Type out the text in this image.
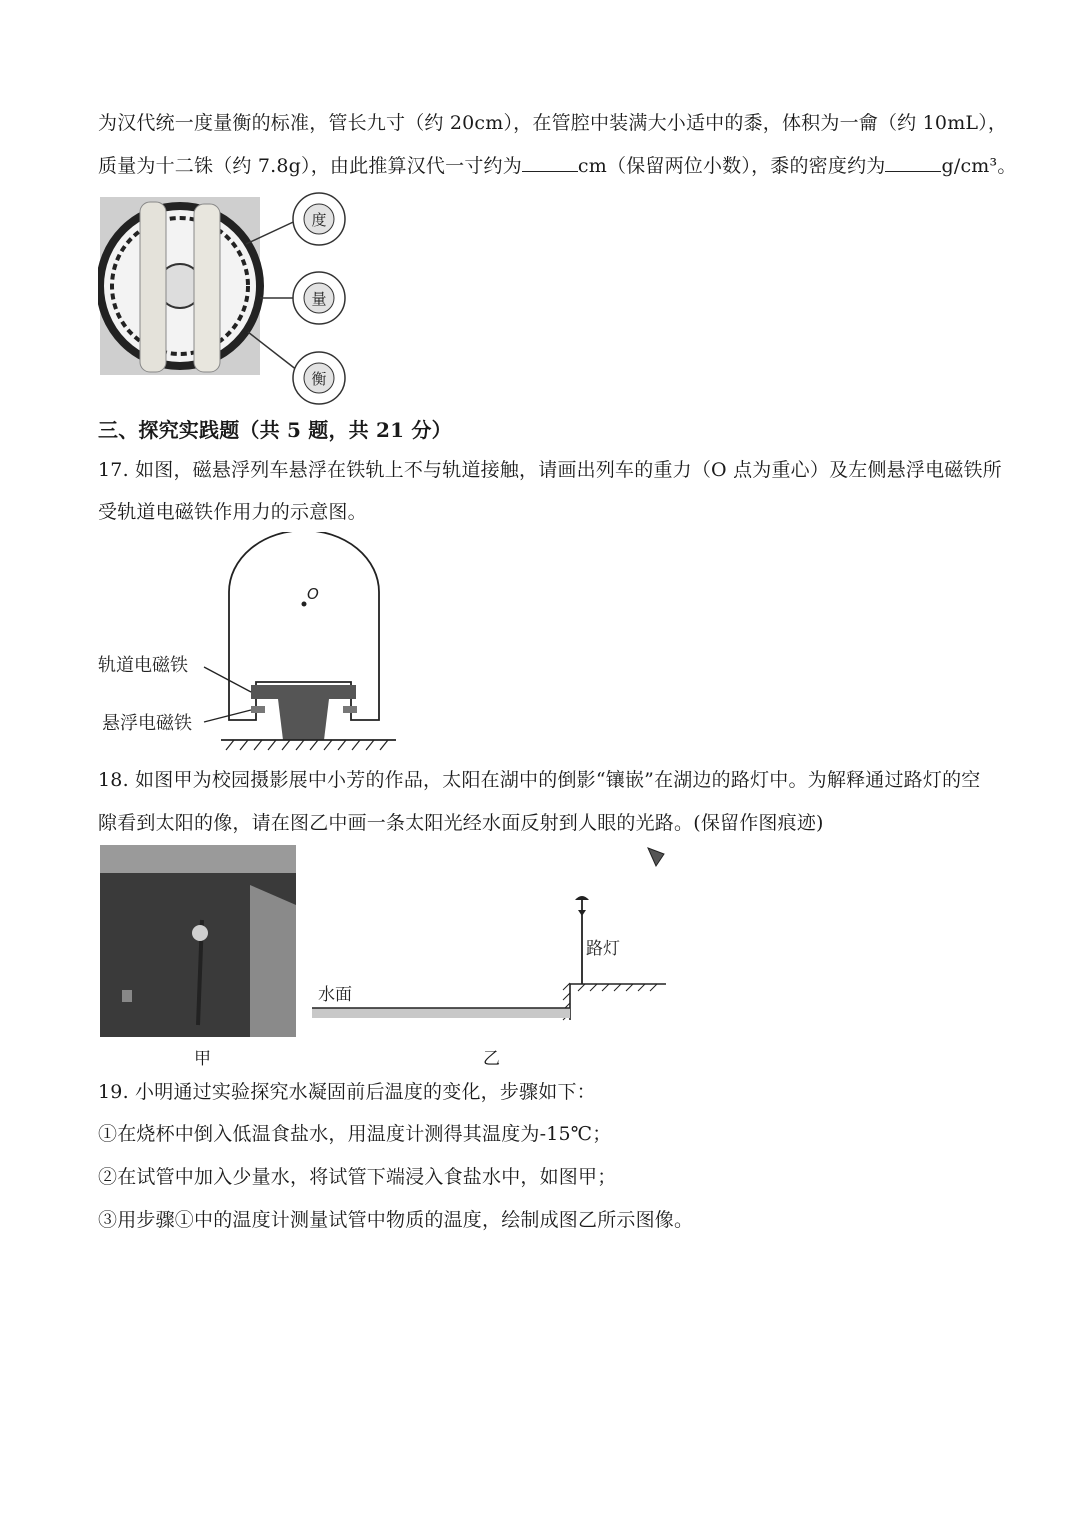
为汉代统一度量衡的标准，管长九寸（约 20cm），在管腔中装满大小适中的黍，体积为一龠（约 10mL），
质量为十二铢（约 7.8g），由此推算汉代一寸约为	cm（保留两位小数），黍的密度约为	g/cm³。
度
量
衡
三、探究实践题（共 5 题，共 21 分）
17. 如图，磁悬浮列车悬浮在铁轨上不与轨道接触，请画出列车的重力（O 点为重心）及左侧悬浮电磁铁所
受轨道电磁铁作用力的示意图。
O
轨道电磁铁
悬浮电磁铁
18. 如图甲为校园摄影展中小芳的作品，太阳在湖中的倒影“镶嵌”在湖边的路灯中。为解释通过路灯的空
隙看到太阳的像，请在图乙中画一条太阳光经水面反射到人眼的光路。(保留作图痕迹)
路灯
水面
甲	乙
19. 小明通过实验探究水凝固前后温度的变化，步骤如下：
①在烧杯中倒入低温食盐水，用温度计测得其温度为-15℃；
②在试管中加入少量水，将试管下端浸入食盐水中，如图甲；
③用步骤①中的温度计测量试管中物质的温度，绘制成图乙所示图像。
